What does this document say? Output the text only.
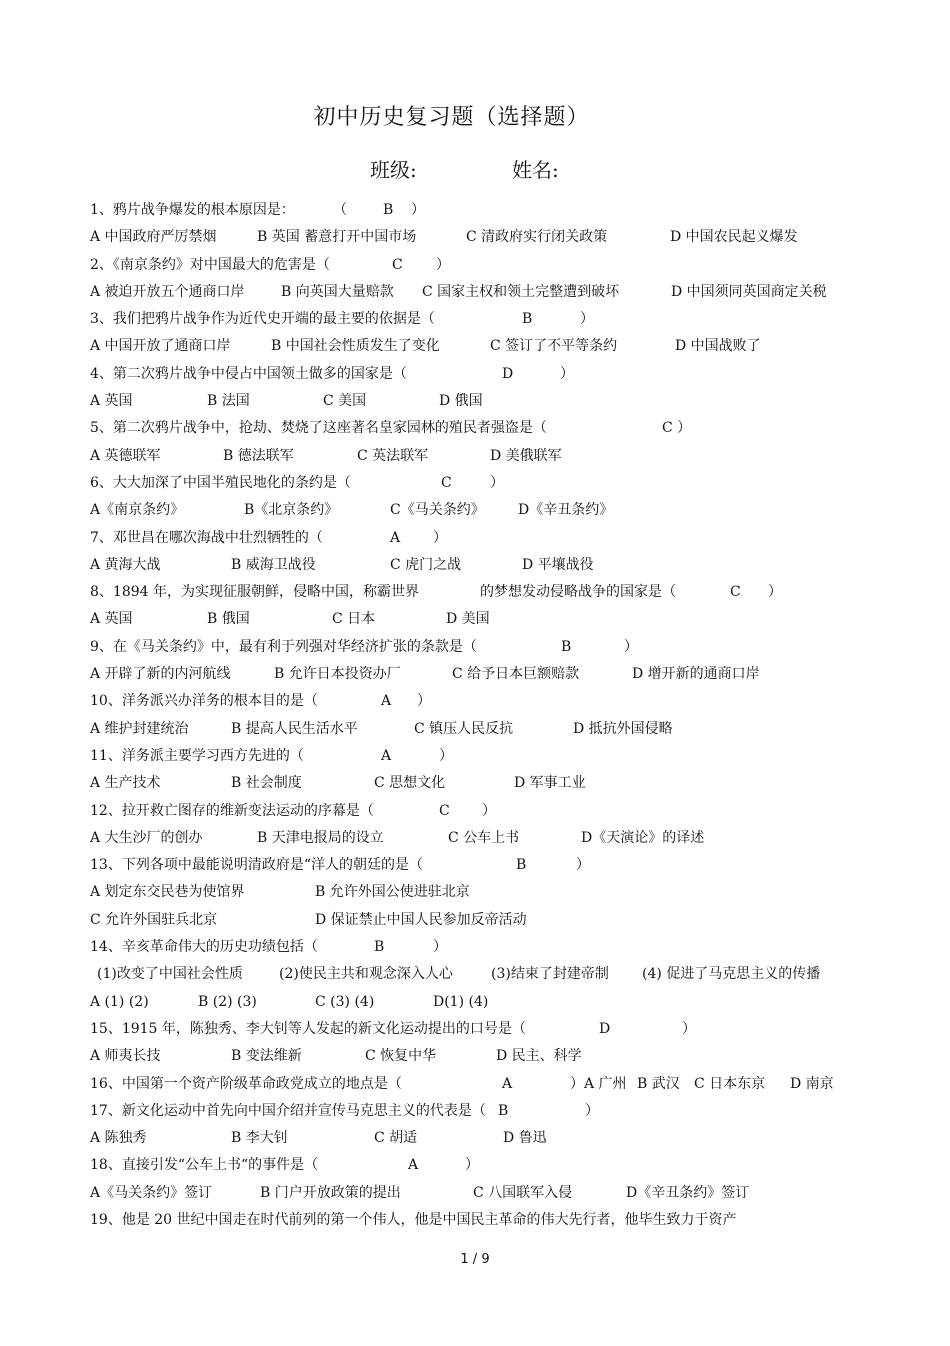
初中历史复习题（选择题）
班级:	姓名:
1、鸦片战争爆发的根本原因是：	（	B ）
A 中国政府严厉禁烟	B 英国 蓄意打开中国市场	C 清政府实行闭关政策	D 中国农民起义爆发
2、《南京条约》对中国最大的危害是（	C ）
A 被迫开放五个通商口岸	B 向英国大量赔款 C 国家主权和领土完整遭到破坏	D 中国须同英国商定关税
3、我们把鸦片战争作为近代史开端的最主要的依据是（	B	）
A 中国开放了通商口岸	B 中国社会性质发生了变化	C 签订了不平等条约	D 中国战败了
4、第二次鸦片战争中侵占中国领土做多的国家是（	D	）
A 英国	B 法国	C 美国	D 俄国
5、第二次鸦片战争中，抢劫、焚烧了这座著名皇家园林的殖民者强盗是（	C ）
A 英德联军	B 德法联军	C 英法联军	D 美俄联军
6、大大加深了中国半殖民地化的条约是（	C	）
A《南京条约》	B《北京条约》	C《马关条约》 D《辛丑条约》
7、邓世昌在哪次海战中壮烈牺牲的（	A ）
A 黄海大战	B 威海卫战役	C 虎门之战	D 平壤战役
8、1894 年，为实现征服朝鲜，侵略中国，称霸世界	的梦想发动侵略战争的国家是（	C ）
A 英国	B 俄国	C 日本	D 美国
9、在《马关条约》中，最有利于列强对华经济扩张的条款是（	B	）
A 开辟了新的内河航线	B 允许日本投资办厂	C 给予日本巨额赔款	D 增开新的通商口岸
10、洋务派兴办洋务的根本目的是（	A ）
A 维护封建统治	B 提高人民生活水平	C 镇压人民反抗	D 抵抗外国侵略
11、洋务派主要学习西方先进的（	A	）
A 生产技术	B 社会制度	C 思想文化	D 军事工业
12、拉开救亡图存的维新变法运动的序幕是（	C ）
A 大生沙厂的创办	B 天津电报局的设立	C 公车上书	D《天演论》的译述
13、下列各项中最能说明清政府是“洋人的朝廷的是（	B	）
A 划定东交民巷为使馆界	B 允许外国公使进驻北京
C 允许外国驻兵北京	D 保证禁止中国人民参加反帝活动
14、辛亥革命伟大的历史功绩包括（	B	）
(1)改变了中国社会性质	(2)使民主共和观念深入人心	(3)结束了封建帝制 (4) 促进了马克思主义的传播
A (1) (2)	B (2) (3)	C (3) (4)	D(1) (4)
15、1915 年，陈独秀、李大钊等人发起的新文化运动提出的口号是（	D	）
A 师夷长技	B 变法维新	C 恢复中华	D 民主、科学
16、中国第一个资产阶级革命政党成立的地点是（	A	）A 广州 B 武汉 C 日本东京 D 南京
17、新文化运动中首先向中国介绍并宣传马克思主义的代表是（ B	）
A 陈独秀	B 李大钊	C 胡适	D 鲁迅
18、直接引发“公车上书“的事件是（	A	）
A《马关条约》签订	B 门户开放政策的提出	C 八国联军入侵	D《辛丑条约》签订
19、他是 20 世纪中国走在时代前列的第一个伟人，他是中国民主革命的伟大先行者，他毕生致力于资产
1 / 9
